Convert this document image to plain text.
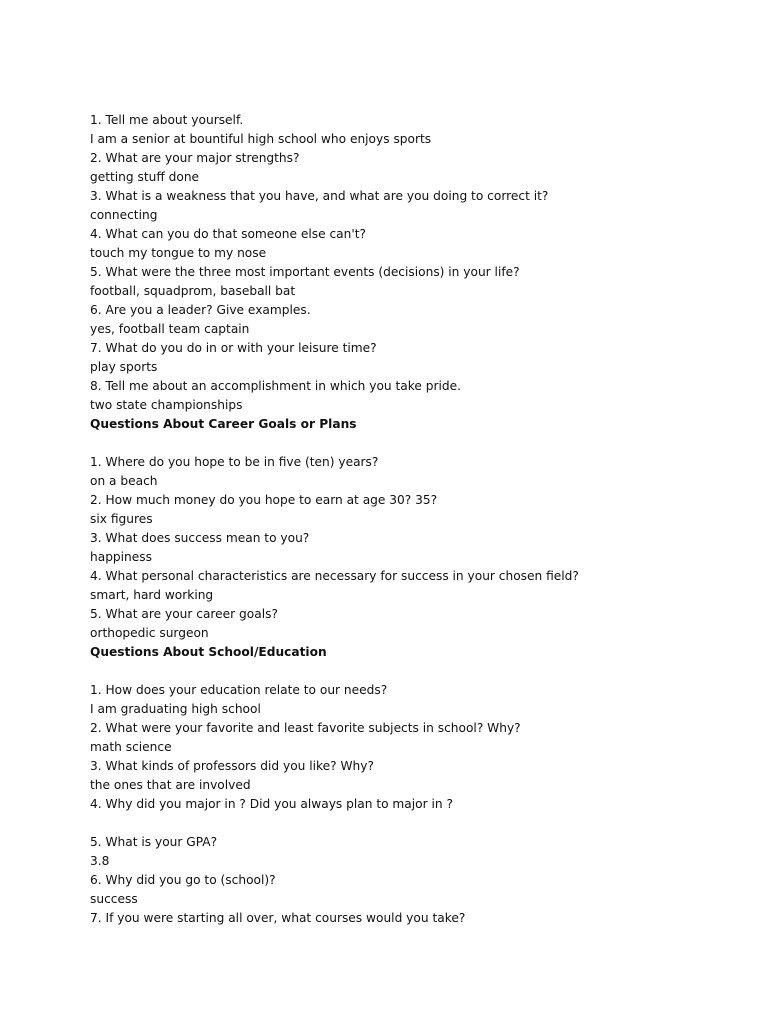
1. Tell me about yourself.
I am a senior at bountiful high school who enjoys sports
2. What are your major strengths?
getting stuff done
3. What is a weakness that you have, and what are you doing to correct it?
connecting
4. What can you do that someone else can't?
touch my tongue to my nose
5. What were the three most important events (decisions) in your life?
football, squadprom, baseball bat
6. Are you a leader? Give examples.
yes, football team captain
7. What do you do in or with your leisure time?
play sports
8. Tell me about an accomplishment in which you take pride.
two state championships
Questions About Career Goals or Plans
1. Where do you hope to be in five (ten) years?
on a beach
2. How much money do you hope to earn at age 30? 35?
six figures
3. What does success mean to you?
happiness
4. What personal characteristics are necessary for success in your chosen field?
smart, hard working
5. What are your career goals?
orthopedic surgeon
Questions About School/Education
1. How does your education relate to our needs?
I am graduating high school
2. What were your favorite and least favorite subjects in school? Why?
math science
3. What kinds of professors did you like? Why?
the ones that are involved
4. Why did you major in ? Did you always plan to major in ?
5. What is your GPA?
3.8
6. Why did you go to (school)?
success
7. If you were starting all over, what courses would you take?
